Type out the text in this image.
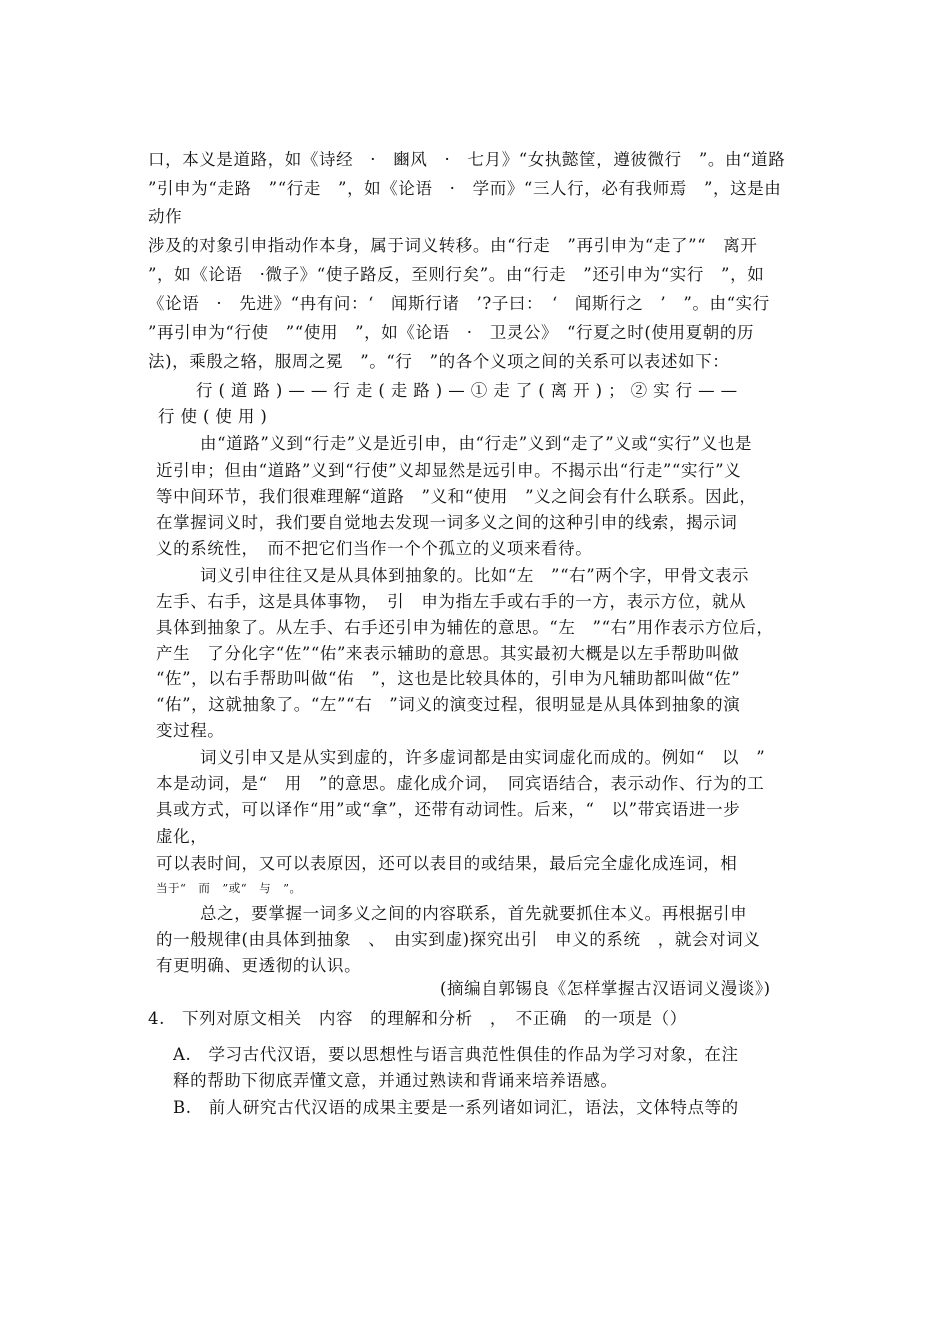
口，本义是道路，如《诗经　·　豳风　·　七月》“女执懿筐，遵彼微行　”。由“道路
”引申为“走路　”“行走　”，如《论语　·　学而》“三人行，必有我师焉　”，这是由
动作
涉及的对象引申指动作本身，属于词义转移。由“行走　”再引申为“走了”“　离开
”，如《论语　·微子》“使子路反，至则行矣”。由“行走　”还引申为“实行　”，如
《论语　·　先进》“冉有问：‘　闻斯行诸　’?子曰：　‘　闻斯行之　’　”。由“实行
”再引申为“行使　”“使用　”，如《论语　·　卫灵公》　“行夏之时(使用夏朝的历
法)，乘殷之辂，服周之冕　”。“行　”的各个义项之间的关系可以表述如下：
行(道路)——行走(走路)—①走了(离开)；②实行——
行使(使用)
由“道路”义到“行走”义是近引申，由“行走”义到“走了”义或“实行”义也是
近引申；但由“道路”义到“行使”义却显然是远引申。不揭示出“行走”“实行”义
等中间环节，我们很难理解“道路　”义和“使用　”义之间会有什么联系。因此，
在掌握词义时，我们要自觉地去发现一词多义之间的这种引申的线索，揭示词
义的系统性，　而不把它们当作一个个孤立的义项来看待。
词义引申往往又是从具体到抽象的。比如“左　”“右”两个字，甲骨文表示
左手、右手，这是具体事物，　引　申为指左手或右手的一方，表示方位，就从
具体到抽象了。从左手、右手还引申为辅佐的意思。“左　”“右”用作表示方位后，
产生　了分化字“佐”“佑”来表示辅助的意思。其实最初大概是以左手帮助叫做
“佐”，以右手帮助叫做“佑　”，这也是比较具体的，引申为凡辅助都叫做“佐”
“佑”，这就抽象了。“左”“右　”词义的演变过程，很明显是从具体到抽象的演
变过程。
词义引申又是从实到虚的，许多虚词都是由实词虚化而成的。例如“　以　”
本是动词，是“　用　”的意思。虚化成介词，　同宾语结合，表示动作、行为的工
具或方式，可以译作“用”或“拿”，还带有动词性。后来，“　以”带宾语进一步
虚化，
可以表时间，又可以表原因，还可以表目的或结果，最后完全虚化成连词，相
当于“　而　”或“　与　”。
总之，要掌握一词多义之间的内容联系，首先就要抓住本义。再根据引申
的一般规律(由具体到抽象　、　由实到虚)探究出引　申义的系统　，就会对词义
有更明确、更透彻的认识。
(摘编自郭锡良《怎样掌握古汉语词义漫谈》)
4.　下列对原文相关　内容　的理解和分析　，　不正确　的一项是（）
A.　学习古代汉语，要以思想性与语言典范性俱佳的作品为学习对象，在注
释的帮助下彻底弄懂文意，并通过熟读和背诵来培养语感。
B.　前人研究古代汉语的成果主要是一系列诸如词汇，语法，文体特点等的
